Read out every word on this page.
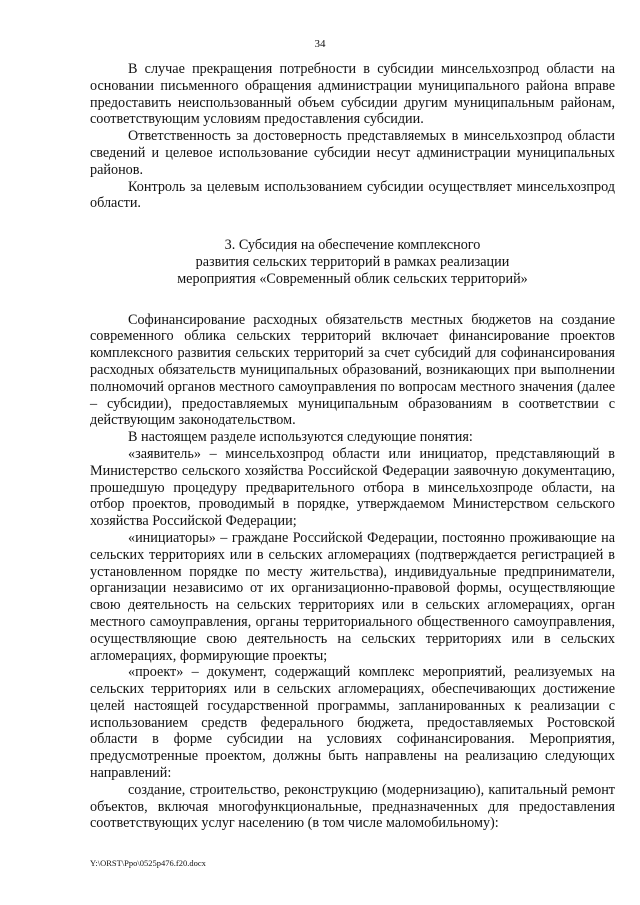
34

В случае прекращения потребности в субсидии минсельхозпрод области на основании письменного обращения администрации муниципального района вправе предоставить неиспользованный объем субсидии другим муниципальным районам, соответствующим условиям предоставления субсидии.

Ответственность за достоверность представляемых в минсельхозпрод области сведений и целевое использование субсидии несут администрации муниципальных районов.

Контроль за целевым использованием субсидии осуществляет минсельхозпрод области.

3. Субсидия на обеспечение комплексного
развития сельских территорий в рамках реализации
мероприятия «Современный облик сельских территорий»

Софинансирование расходных обязательств местных бюджетов на создание современного облика сельских территорий включает финансирование проектов комплексного развития сельских территорий за счет субсидий для софинансирования расходных обязательств муниципальных образований, возникающих при выполнении полномочий органов местного самоуправления по вопросам местного значения (далее – субсидии), предоставляемых муниципальным образованиям в соответствии с действующим законодательством.

В настоящем разделе используются следующие понятия:

«заявитель» – минсельхозпрод области или инициатор, представляющий в Министерство сельского хозяйства Российской Федерации заявочную документацию, прошедшую процедуру предварительного отбора в минсельхозпроде области, на отбор проектов, проводимый в порядке, утверждаемом Министерством сельского хозяйства Российской Федерации;

«инициаторы» – граждане Российской Федерации, постоянно проживающие на сельских территориях или в сельских агломерациях (подтверждается регистрацией в установленном порядке по месту жительства), индивидуальные предприниматели, организации независимо от их организационно-правовой формы, осуществляющие свою деятельность на сельских территориях или в сельских агломерациях, орган местного самоуправления, органы территориального общественного самоуправления, осуществляющие свою деятельность на сельских территориях или в сельских агломерациях, формирующие проекты;

«проект» – документ, содержащий комплекс мероприятий, реализуемых на сельских территориях или в сельских агломерациях, обеспечивающих достижение целей настоящей государственной программы, запланированных к реализации с использованием средств федерального бюджета, предоставляемых Ростовской области в форме субсидии на условиях софинансирования. Мероприятия, предусмотренные проектом, должны быть направлены на реализацию следующих направлений:

создание, строительство, реконструкцию (модернизацию), капитальный ремонт объектов, включая многофункциональные, предназначенных для предоставления соответствующих услуг населению (в том числе маломобильному):

Y:\ORST\Ppo\0525p476.f20.docx
